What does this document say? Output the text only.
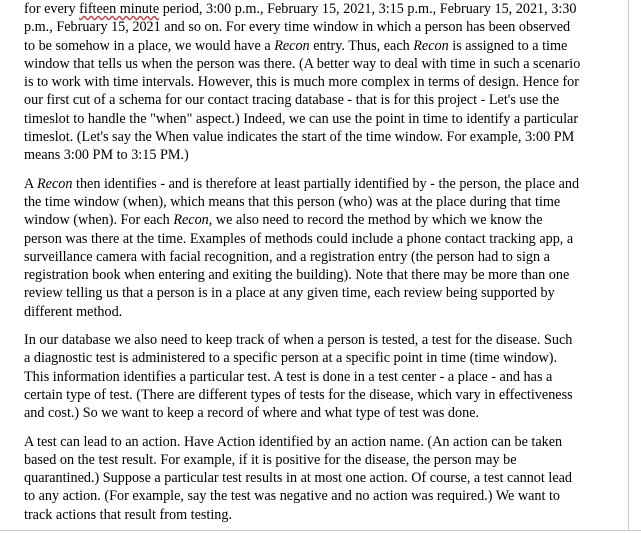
for every fifteen minute period, 3:00 p.m., February 15, 2021, 3:15 p.m., February 15, 2021, 3:30
p.m., February 15, 2021 and so on. For every time window in which a person has been observed
to be somehow in a place, we would have a Recon entry. Thus, each Recon is assigned to a time
window that tells us when the person was there. (A better way to deal with time in such a scenario
is to work with time intervals. However, this is much more complex in terms of design. Hence for
our first cut of a schema for our contact tracing database - that is for this project - Let's use the
timeslot to handle the "when" aspect.) Indeed, we can use the point in time to identify a particular
timeslot. (Let's say the When value indicates the start of the time window. For example, 3:00 PM
means 3:00 PM to 3:15 PM.)

A Recon then identifies - and is therefore at least partially identified by - the person, the place and
the time window (when), which means that this person (who) was at the place during that time
window (when). For each Recon, we also need to record the method by which we know the
person was there at the time. Examples of methods could include a phone contact tracking app, a
surveillance camera with facial recognition, and a registration entry (the person had to sign a
registration book when entering and exiting the building). Note that there may be more than one
review telling us that a person is in a place at any given time, each review being supported by
different method.

In our database we also need to keep track of when a person is tested, a test for the disease. Such
a diagnostic test is administered to a specific person at a specific point in time (time window).
This information identifies a particular test. A test is done in a test center - a place - and has a
certain type of test. (There are different types of tests for the disease, which vary in effectiveness
and cost.) So we want to keep a record of where and what type of test was done.

A test can lead to an action. Have Action identified by an action name. (An action can be taken
based on the test result. For example, if it is positive for the disease, the person may be
quarantined.) Suppose a particular test results in at most one action. Of course, a test cannot lead
to any action. (For example, say the test was negative and no action was required.) We want to
track actions that result from testing.
